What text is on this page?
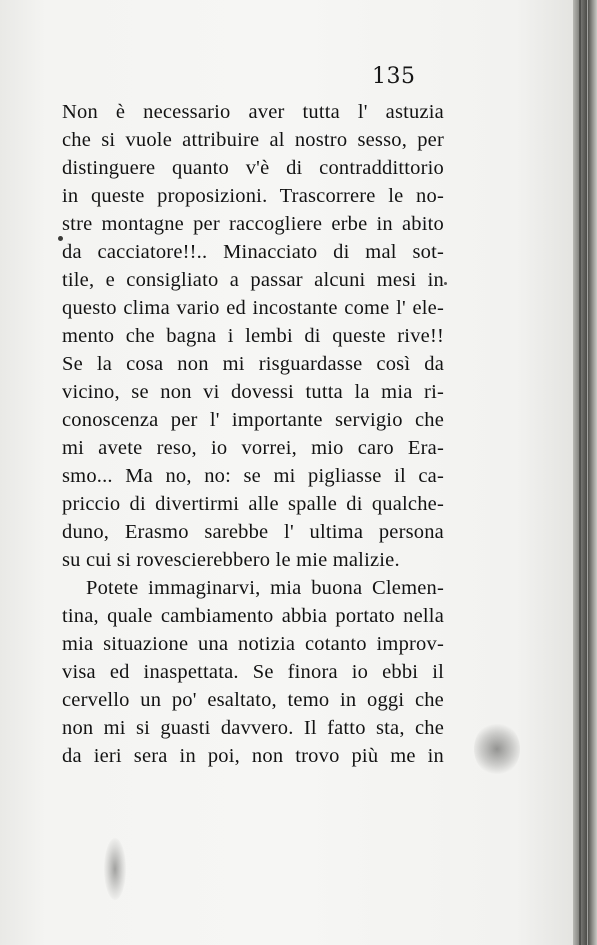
135
Non è necessario aver tutta l' astuzia
che si vuole attribuire al nostro sesso, per
distinguere quanto v'è di contraddittorio
in queste proposizioni. Trascorrere le no-
stre montagne per raccogliere erbe in abito
da cacciatore!!.. Minacciato di mal sot-
tile, e consigliato a passar alcuni mesi in
questo clima vario ed incostante come l' ele-
mento che bagna i lembi di queste rive!!
Se la cosa non mi risguardasse così da
vicino, se non vi dovessi tutta la mia ri-
conoscenza per l' importante servigio che
mi avete reso, io vorrei, mio caro Era-
smo... Ma no, no: se mi pigliasse il ca-
priccio di divertirmi alle spalle di qualche-
duno, Erasmo sarebbe l' ultima persona
su cui si rovescierebbero le mie malizie.
Potete immaginarvi, mia buona Clemen-
tina, quale cambiamento abbia portato nella
mia situazione una notizia cotanto improv-
visa ed inaspettata. Se finora io ebbi il
cervello un po' esaltato, temo in oggi che
non mi si guasti davvero. Il fatto sta, che
da ieri sera in poi, non trovo più me in
